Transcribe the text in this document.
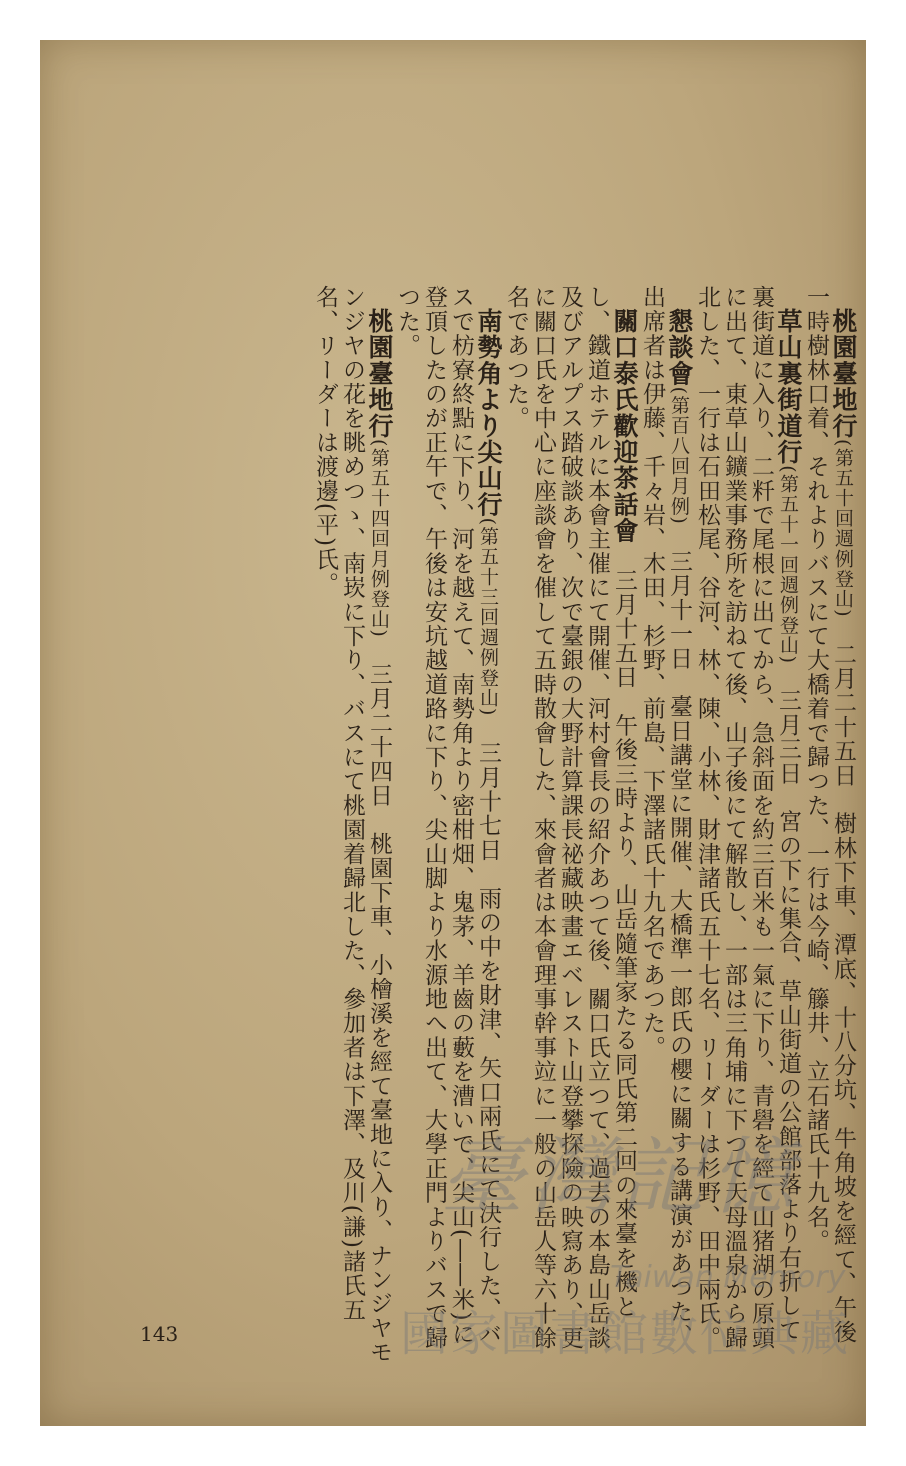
桃園臺地行(第五十回週例登山)　二月二十五日　樹林下車、潭底、十八分坑、牛角坡を經て、午後一時樹林口着、それよりバスにて大橋着で歸つた、一行は今崎、籐井、立石諸氏十九名。

草山裏街道行(第五十一回週例登山)　三月三日　宮の下に集合、草山街道の公館部落より右折して裏街道に入り、二粁で尾根に出てから、急斜面を約三百米も一氣に下り、青礐を經て山猪湖の原頭に出て、東草山鑛業事務所を訪ねて後、山子後にて解散し、一部は三角埔に下つて天母溫泉から歸北した、一行は石田松尾、谷河、林、陳、小林、財津諸氏五十七名、リーダーは杉野、田中兩氏。

懇談會(第百八回月例)　三月十一日　臺日講堂に開催、大橋準一郎氏の櫻に關する講演があつた、出席者は伊藤、千々岩、木田、杉野、前島、下澤諸氏十九名であつた。

關口泰氏歡迎茶話會　三月十五日　午後三時より、山岳隨筆家たる同氏第二回の來臺を機とし、鐵道ホテルに本會主催にて開催、河村會長の紹介あつて後、關口氏立つて、過去の本島山岳談及びアルプス踏破談あり、次で臺銀の大野計算課長祕藏映畫エベレスト山登攀探險の映寫あり、更に關口氏を中心に座談會を催して五時散會した、來會者は本會理事幹事竝に一般の山岳人等六十餘名であつた。

南勢角より尖山行(第五十三回週例登山)　三月十七日　雨の中を財津、矢口兩氏にて決行した、バスで枋寮終點に下り、河を越えて、南勢角より密柑畑、鬼茅、羊齒の藪を漕いで、尖山(――米)に登頂したのが正午で、午後は安坑越道路に下り、尖山脚より水源地へ出て、大學正門よりバスで歸つた。

桃園臺地行(第五十四回月例登山)　三月二十四日　桃園下車、小檜溪を經て臺地に入り、ナンジヤモンジヤの花を眺めつゝ、南崁に下り、バスにて桃園着歸北した、參加者は下澤、及川(謙)諸氏五名、リーダーは渡邊(平)氏。

143
臺灣記憶
Taiwan Memory
國家圖書館數位典藏
